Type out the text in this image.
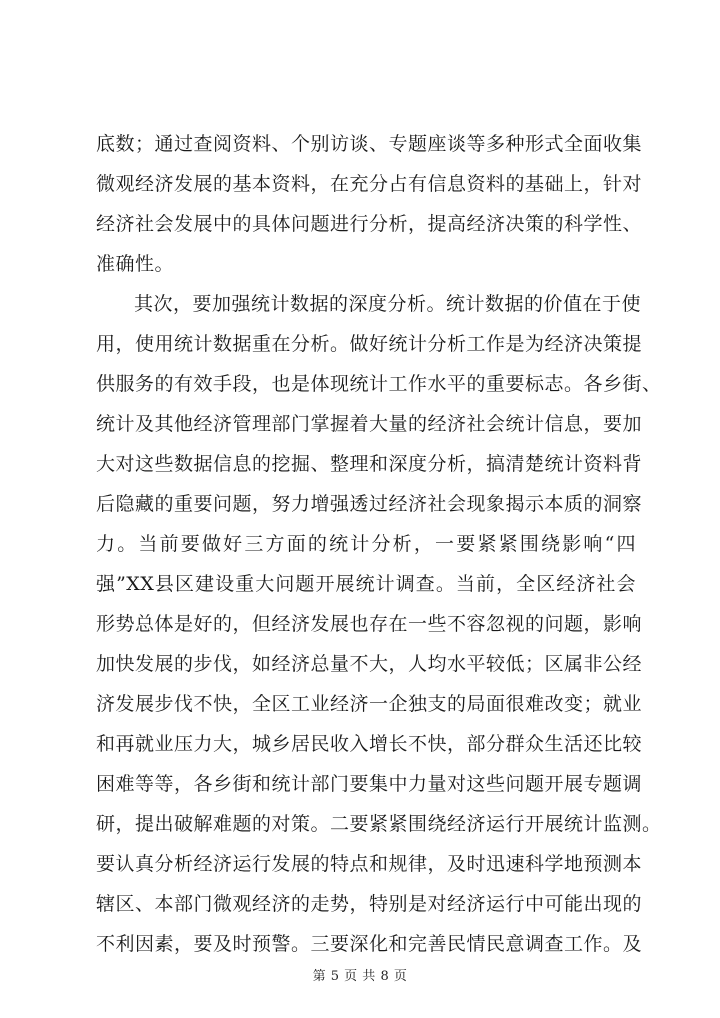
底数；通过查阅资料、个别访谈、专题座谈等多种形式全面收集
微观经济发展的基本资料，在充分占有信息资料的基础上，针对
经济社会发展中的具体问题进行分析，提高经济决策的科学性、
准确性。
其次，要加强统计数据的深度分析。统计数据的价值在于使
用，使用统计数据重在分析。做好统计分析工作是为经济决策提
供服务的有效手段，也是体现统计工作水平的重要标志。各乡街、
统计及其他经济管理部门掌握着大量的经济社会统计信息，要加
大对这些数据信息的挖掘、整理和深度分析，搞清楚统计资料背
后隐藏的重要问题，努力增强透过经济社会现象揭示本质的洞察
力。当前要做好三方面的统计分析，一要紧紧围绕影响“四
强”XX县区建设重大问题开展统计调查。当前，全区经济社会
形势总体是好的，但经济发展也存在一些不容忽视的问题，影响
加快发展的步伐，如经济总量不大，人均水平较低；区属非公经
济发展步伐不快，全区工业经济一企独支的局面很难改变；就业
和再就业压力大，城乡居民收入增长不快，部分群众生活还比较
困难等等，各乡街和统计部门要集中力量对这些问题开展专题调
研，提出破解难题的对策。二要紧紧围绕经济运行开展统计监测。
要认真分析经济运行发展的特点和规律，及时迅速科学地预测本
辖区、本部门微观经济的走势，特别是对经济运行中可能出现的
不利因素，要及时预警。三要深化和完善民情民意调查工作。及
第 5 页 共 8 页
